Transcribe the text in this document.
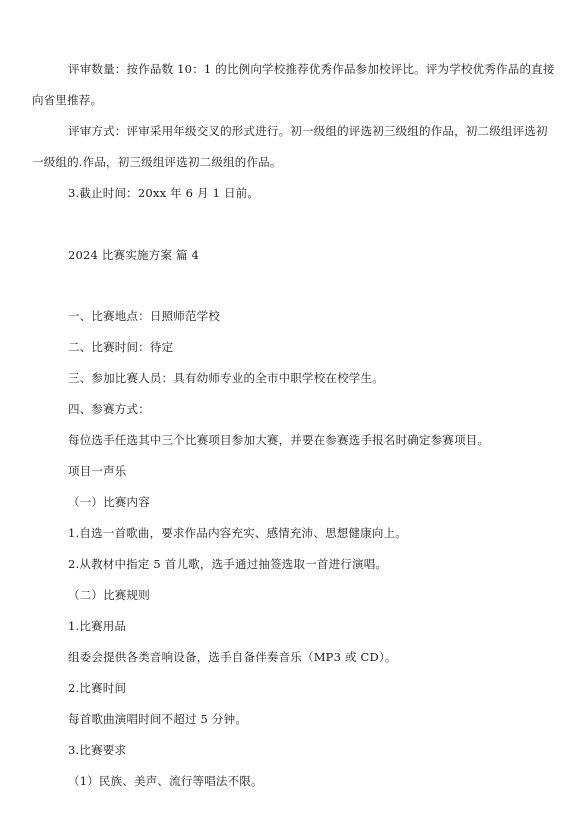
评审数量：按作品数 10：1 的比例向学校推荐优秀作品参加校评比。评为学校优秀作品的直接
向省里推荐。
评审方式：评审采用年级交叉的形式进行。初一级组的评选初三级组的作品，初二级组评选初
一级组的.作品，初三级组评选初二级组的作品。
3.截止时间：20xx 年 6 月 1 日前。
2024 比赛实施方案 篇 4
一、比赛地点：日照师范学校
二、比赛时间：待定
三、参加比赛人员：具有幼师专业的全市中职学校在校学生。
四、参赛方式：
每位选手任选其中三个比赛项目参加大赛，并要在参赛选手报名时确定参赛项目。
项目一声乐
（一）比赛内容
1.自选一首歌曲，要求作品内容充实、感情充沛、思想健康向上。
2.从教材中指定 5 首儿歌，选手通过抽签选取一首进行演唱。
（二）比赛规则
1.比赛用品
组委会提供各类音响设备，选手自备伴奏音乐（MP3 或 CD）。
2.比赛时间
每首歌曲演唱时间不超过 5 分钟。
3.比赛要求
（1）民族、美声、流行等唱法不限。
